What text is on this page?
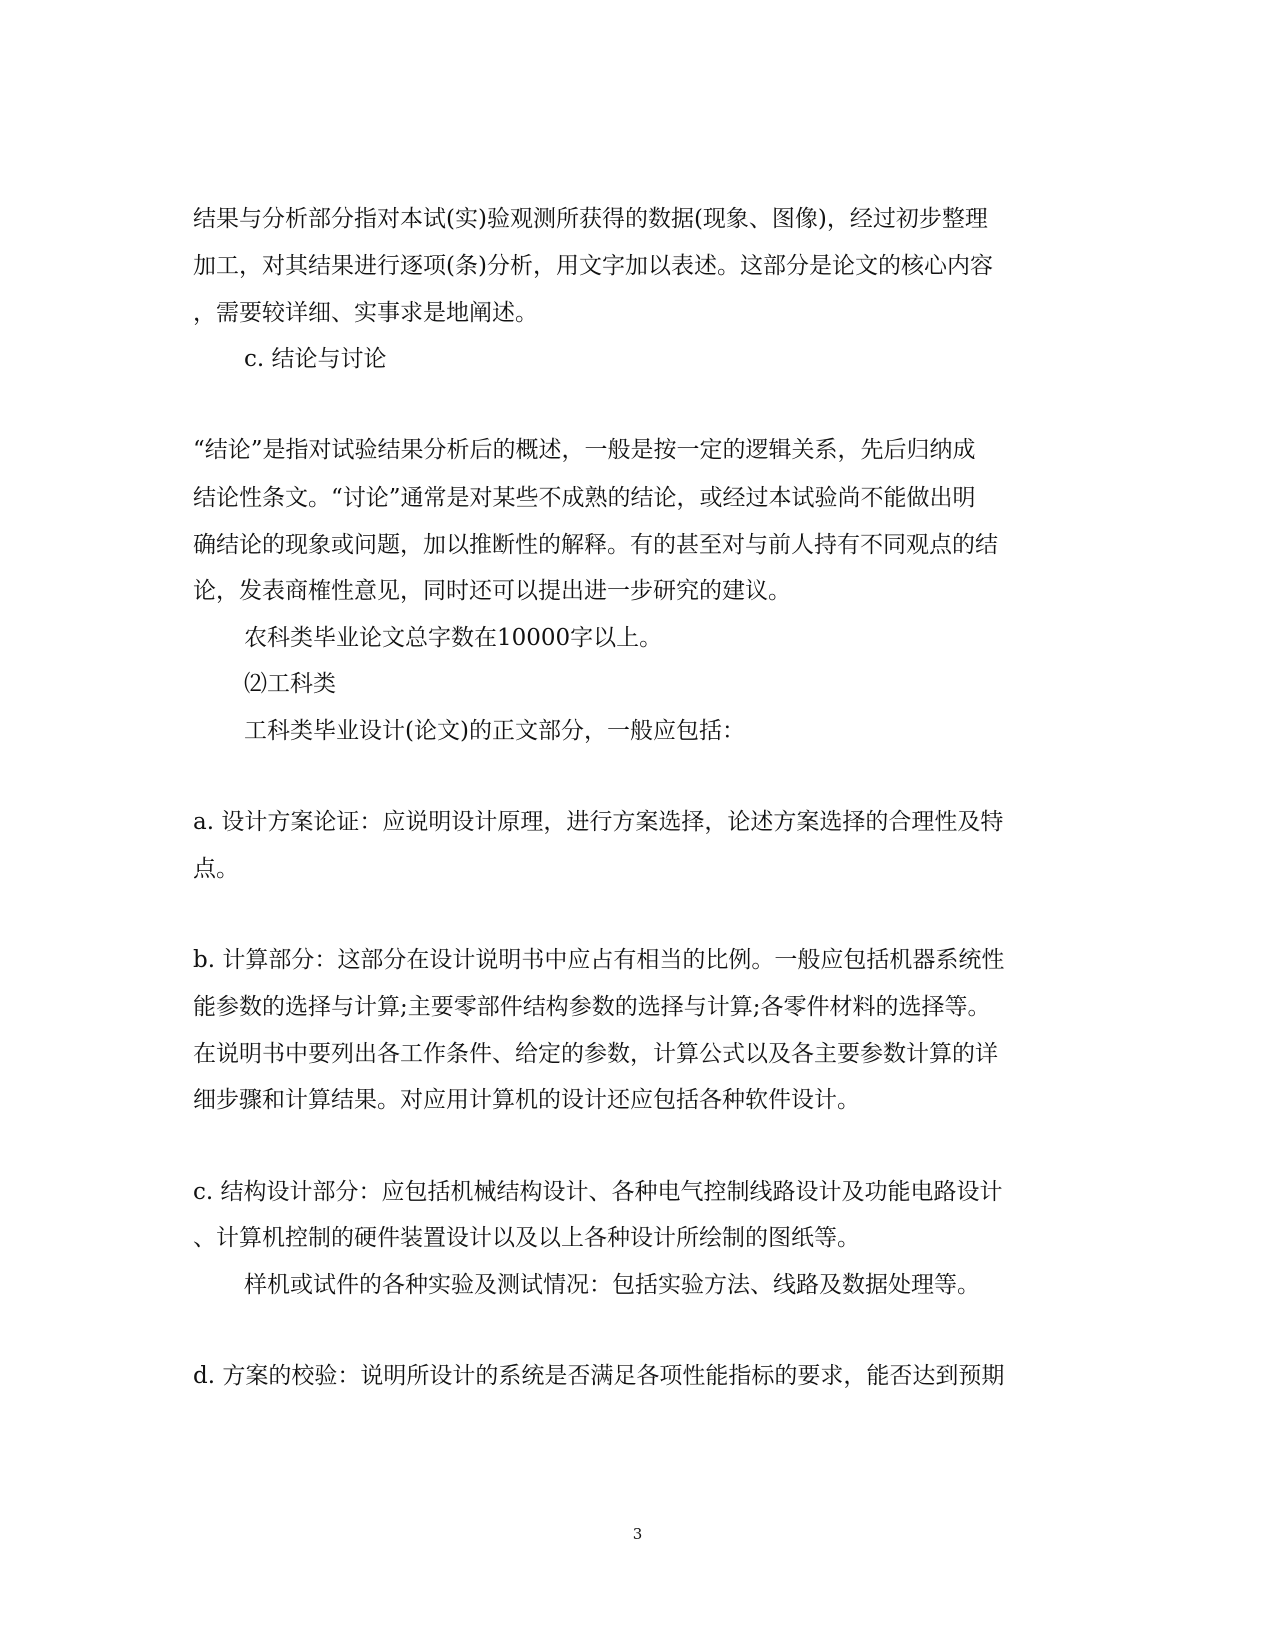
结果与分析部分指对本试(实)验观测所获得的数据(现象、图像)，经过初步整理
加工，对其结果进行逐项(条)分析，用文字加以表述。这部分是论文的核心内容
，需要较详细、实事求是地阐述。
c. 结论与讨论
“结论”是指对试验结果分析后的概述，一般是按一定的逻辑关系，先后归纳成
结论性条文。“讨论”通常是对某些不成熟的结论，或经过本试验尚不能做出明
确结论的现象或问题，加以推断性的解释。有的甚至对与前人持有不同观点的结
论，发表商榷性意见，同时还可以提出进一步研究的建议。
农科类毕业论文总字数在10000字以上。
⑵工科类
工科类毕业设计(论文)的正文部分，一般应包括：
a. 设计方案论证：应说明设计原理，进行方案选择，论述方案选择的合理性及特
点。
b. 计算部分：这部分在设计说明书中应占有相当的比例。一般应包括机器系统性
能参数的选择与计算;主要零部件结构参数的选择与计算;各零件材料的选择等。
在说明书中要列出各工作条件、给定的参数，计算公式以及各主要参数计算的详
细步骤和计算结果。对应用计算机的设计还应包括各种软件设计。
c. 结构设计部分：应包括机械结构设计、各种电气控制线路设计及功能电路设计
、计算机控制的硬件装置设计以及以上各种设计所绘制的图纸等。
样机或试件的各种实验及测试情况：包括实验方法、线路及数据处理等。
d. 方案的校验：说明所设计的系统是否满足各项性能指标的要求，能否达到预期
3
